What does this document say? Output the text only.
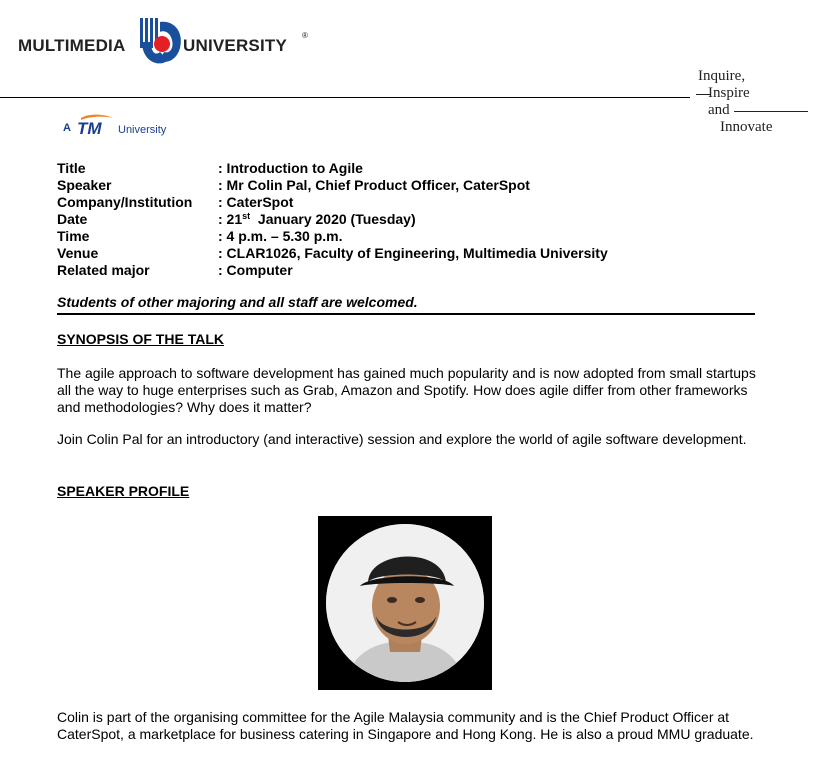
MULTIMEDIA	UNIVERSITY
®
Inquire,
Inspire
and
Innovate
A TM University
Title	: Introduction to Agile
Speaker	: Mr Colin Pal, Chief Product Officer, CaterSpot
Company/Institution	: CaterSpot
Date	: 21st  January 2020 (Tuesday)
Time	: 4 p.m. – 5.30 p.m.
Venue	: CLAR1026, Faculty of Engineering, Multimedia University
Related major	: Computer
Students of other majoring and all staff are welcomed.
SYNOPSIS OF THE TALK
The agile approach to software development has gained much popularity and is now adopted from small startups all the way to huge enterprises such as Grab, Amazon and Spotify. How does agile differ from other frameworks and methodologies? Why does it matter?
Join Colin Pal for an introductory (and interactive) session and explore the world of agile software development.
SPEAKER PROFILE
Colin is part of the organising committee for the Agile Malaysia community and is the Chief Product Officer at CaterSpot, a marketplace for business catering in Singapore and Hong Kong. He is also a proud MMU graduate.
